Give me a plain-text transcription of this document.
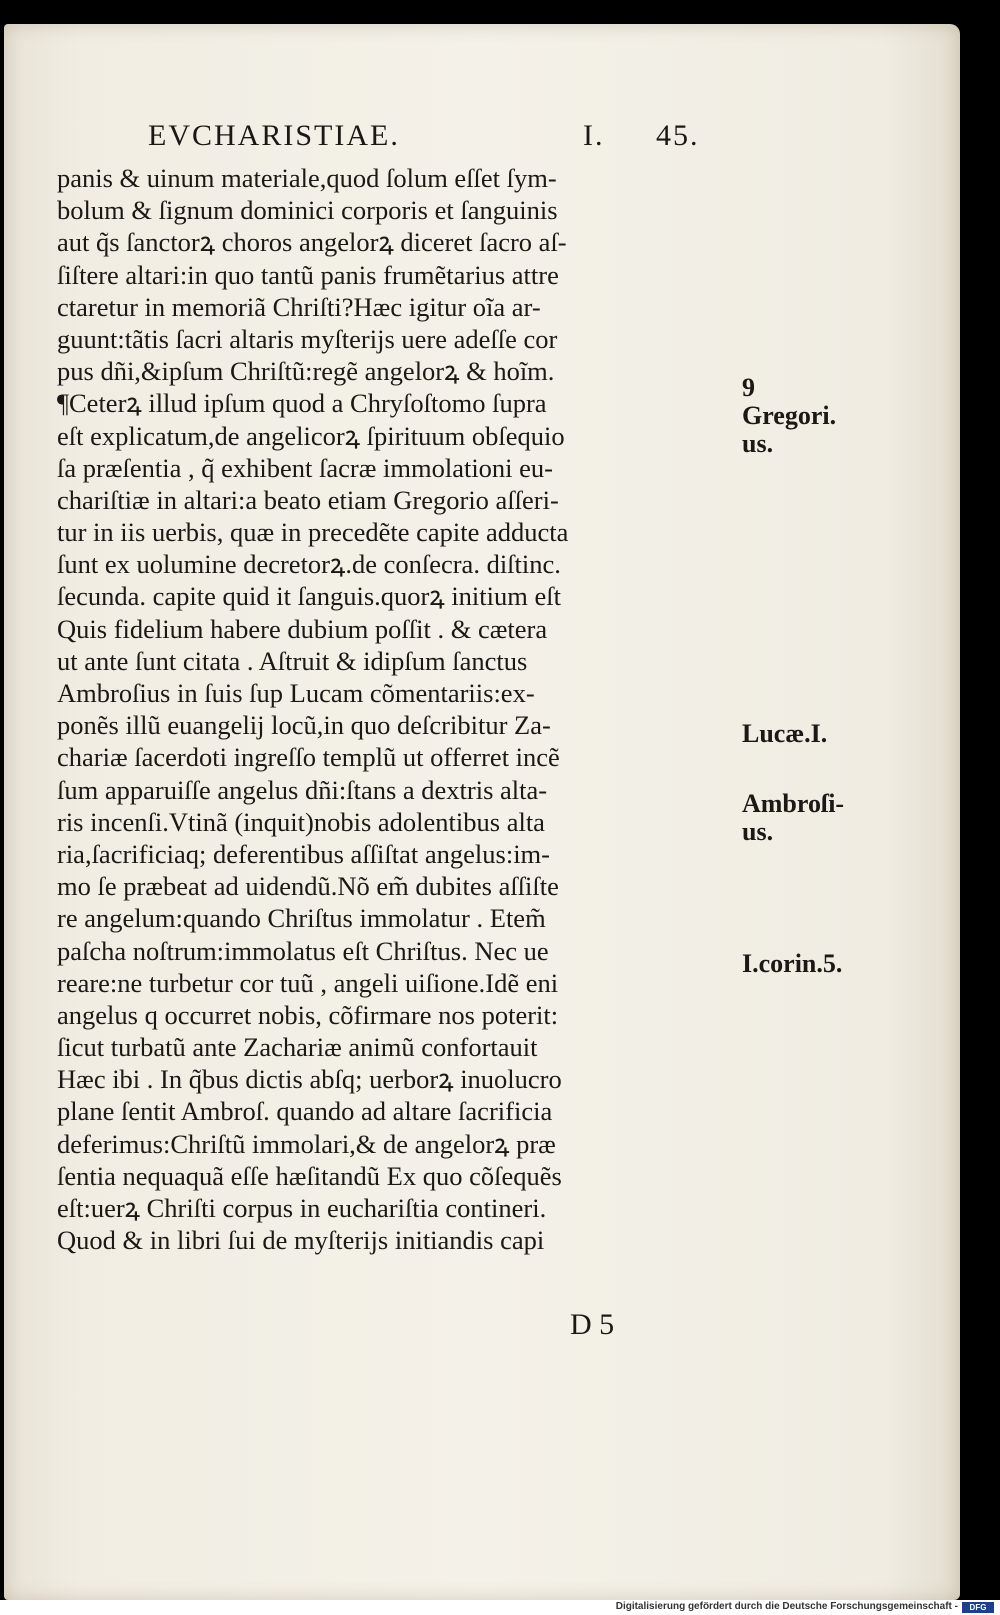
EVCHARISTIAE.	I. 45.
panis & uinum materiale,quod ſolum eſſet ſym-
bolum & ſignum dominici corporis et ſanguinis
aut q̃s ſanctorꝝ choros angelorꝝ diceret ſacro aſ-
ſiſtere altari:in quo tantũ panis frumẽtarius attre
ctaretur in memoriã Chriſti?Hæc igitur oĩa ar-
guunt:tãtis ſacri altaris myſterijs uere adeſſe cor
pus dñi,&ipſum Chriſtũ:regẽ angelorꝝ & hoĩm.
¶Ceterꝝ illud ipſum quod a Chryſoſtomo ſupra
eſt explicatum,de angelicorꝝ ſpirituum obſequio
ſa præſentia , q̃ exhibent ſacræ immolationi eu-
chariſtiæ in altari:a beato etiam Gregorio aſſeri-
tur in iis uerbis, quæ in precedẽte capite adducta
ſunt ex uolumine decretorꝝ.de conſecra. diſtinc.
ſecunda. capite quid it ſanguis.quorꝝ initium eſt
Quis fidelium habere dubium poſſit . & cætera
ut ante ſunt citata . Aſtruit & idipſum ſanctus
Ambroſius in ſuis ſup Lucam cõmentariis:ex-
ponẽs illũ euangelij locũ,in quo deſcribitur Za-
chariæ ſacerdoti ingreſſo templũ ut offerret incẽ
ſum apparuiſſe angelus dñi:ſtans a dextris alta-
ris incenſi.Vtinã (inquit)nobis adolentibus alta
ria,ſacrificiaq; deferentibus aſſiſtat angelus:im-
mo ſe præbeat ad uidendũ.Nõ em̃ dubites aſſiſte
re angelum:quando Chriſtus immolatur . Etem̃
paſcha noſtrum:immolatus eſt Chriſtus. Nec ue
reare:ne turbetur cor tuũ , angeli uiſione.Idẽ eni
angelus q occurret nobis, cõfirmare nos poterit:
ſicut turbatũ ante Zachariæ animũ confortauit
Hæc ibi . In q̃bus dictis abſq; uerborꝝ inuolucro
plane ſentit Ambroſ. quando ad altare ſacrificia
deferimus:Chriſtũ immolari,& de angelorꝝ præ
ſentia nequaquã eſſe hæſitandũ Ex quo cõſequẽs
eſt:uerꝝ Chriſti corpus in euchariſtia contineri.
Quod & in libri ſui de myſterijs initiandis capi
9
Gregori.
us.
Lucæ.I.
Ambroſi-
us.
I.corin.5.
D 5
Digitalisierung gefördert durch die Deutsche Forschungsgemeinschaft -	DFG
